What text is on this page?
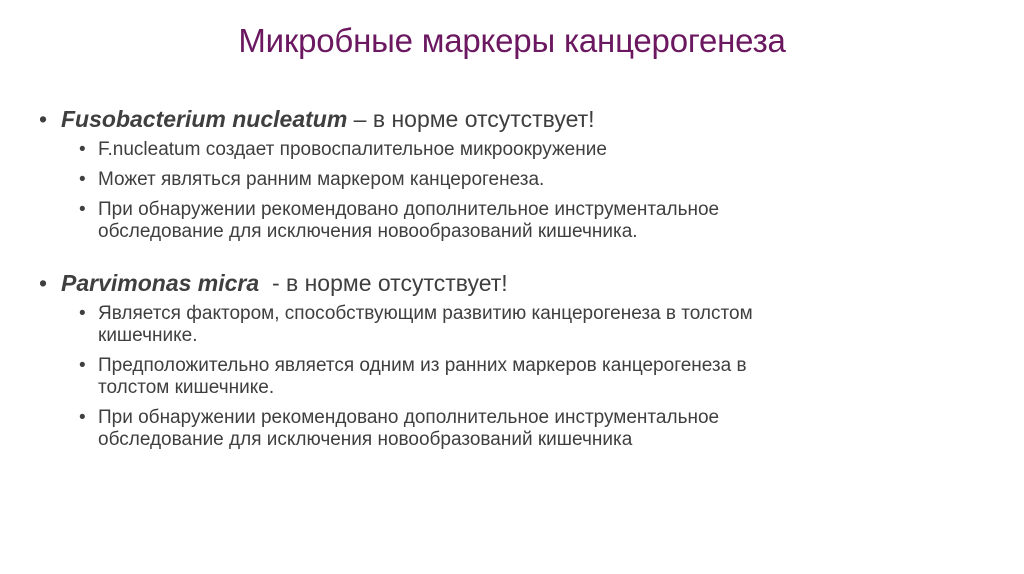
Микробные маркеры канцерогенеза

• Fusobacterium nucleatum – в норме отсутствует!

• F.nucleatum создает провоспалительное микроокружение
• Может являться ранним маркером канцерогенеза.
• При обнаружении рекомендовано дополнительное инструментальное обследование для исключения новообразований кишечника.

• Parvimonas micra  - в норме отсутствует!

• Является фактором, способствующим развитию канцерогенеза в толстом кишечнике.
• Предположительно является одним из ранних маркеров канцерогенеза в толстом кишечнике.
• При обнаружении рекомендовано дополнительное инструментальное обследование для исключения новообразований кишечника
